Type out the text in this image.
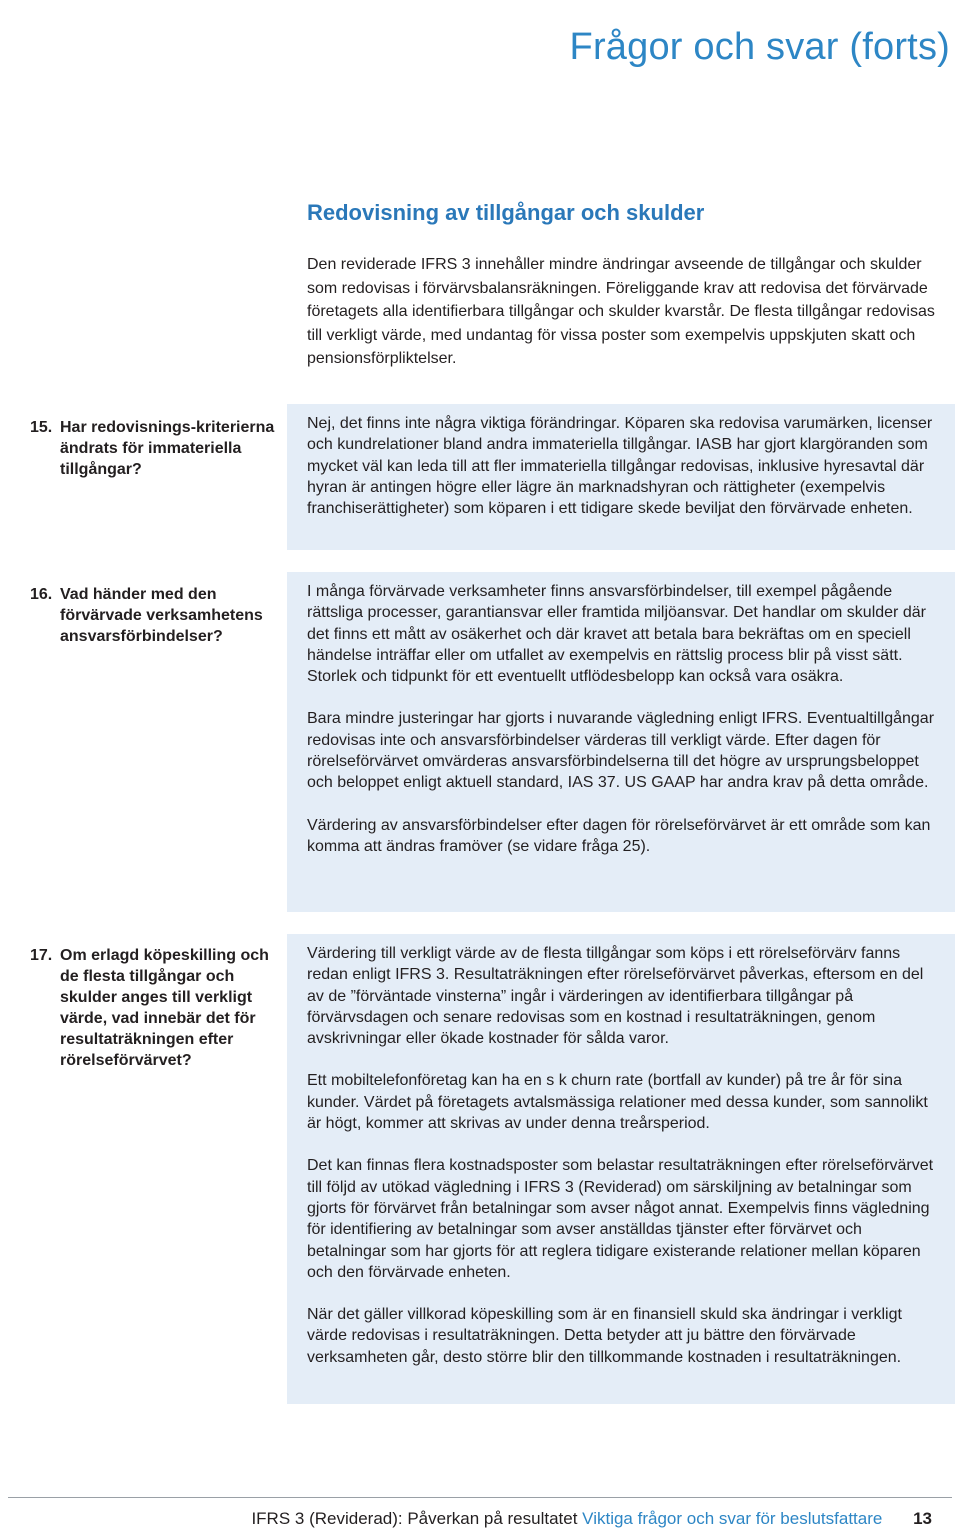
Frågor och svar (forts)
Redovisning av tillgångar och skulder

Den reviderade IFRS 3 innehåller mindre ändringar avseende de tillgångar och skulder som redovisas i förvärvsbalansräkningen. Föreliggande krav att redovisa det förvärvade företagets alla identifierbara tillgångar och skulder kvarstår. De flesta tillgångar redovisas till verkligt värde, med undantag för vissa poster som exempelvis uppskjuten skatt och pensionsförpliktelser.

15. Har redovisnings-kriterierna ändrats för immateriella tillgångar?

Nej, det finns inte några viktiga förändringar. Köparen ska redovisa varumärken, licenser och kundrelationer bland andra immateriella tillgångar. IASB har gjort klargöranden som mycket väl kan leda till att fler immateriella tillgångar redovisas, inklusive hyresavtal där hyran är antingen högre eller lägre än marknadshyran och rättigheter (exempelvis franchiserättigheter) som köparen i ett tidigare skede beviljat den förvärvade enheten.

16. Vad händer med den förvärvade verksamhetens ansvarsförbindelser?

I många förvärvade verksamheter finns ansvarsförbindelser, till exempel pågående rättsliga processer, garantiansvar eller framtida miljöansvar. Det handlar om skulder där det finns ett mått av osäkerhet och där kravet att betala bara bekräftas om en speciell händelse inträffar eller om utfallet av exempelvis en rättslig process blir på visst sätt. Storlek och tidpunkt för ett eventuellt utflödesbelopp kan också vara osäkra.

Bara mindre justeringar har gjorts i nuvarande vägledning enligt IFRS. Eventualtillgångar redovisas inte och ansvarsförbindelser värderas till verkligt värde. Efter dagen för rörelseförvärvet omvärderas ansvarsförbindelserna till det högre av ursprungsbeloppet och beloppet enligt aktuell standard, IAS 37. US GAAP har andra krav på detta område.

Värdering av ansvarsförbindelser efter dagen för rörelseförvärvet är ett område som kan komma att ändras framöver (se vidare fråga 25).

17. Om erlagd köpeskilling och de flesta tillgångar och skulder anges till verkligt värde, vad innebär det för resultaträkningen efter rörelseförvärvet?

Värdering till verkligt värde av de flesta tillgångar som köps i ett rörelseförvärv fanns redan enligt IFRS 3. Resultaträkningen efter rörelseförvärvet påverkas, eftersom en del av de ”förväntade vinsterna” ingår i värderingen av identifierbara tillgångar på förvärvsdagen och senare redovisas som en kostnad i resultaträkningen, genom avskrivningar eller ökade kostnader för sålda varor.

Ett mobiltelefonföretag kan ha en s k churn rate (bortfall av kunder) på tre år för sina kunder. Värdet på företagets avtalsmässiga relationer med dessa kunder, som sannolikt är högt, kommer att skrivas av under denna treårsperiod.

Det kan finnas flera kostnadsposter som belastar resultaträkningen efter rörelseförvärvet till följd av utökad vägledning i IFRS 3 (Reviderad) om särskiljning av betalningar som gjorts för förvärvet från betalningar som avser något annat. Exempelvis finns vägledning för identifiering av betalningar som avser anställdas tjänster efter förvärvet och betalningar som har gjorts för att reglera tidigare existerande relationer mellan köparen och den förvärvade enheten.

När det gäller villkorad köpeskilling som är en finansiell skuld ska ändringar i verkligt värde redovisas i resultaträkningen. Detta betyder att ju bättre den förvärvade verksamheten går, desto större blir den tillkommande kostnaden i resultaträkningen.

IFRS 3 (Reviderad): Påverkan på resultatet Viktiga frågor och svar för beslutsfattare 13
